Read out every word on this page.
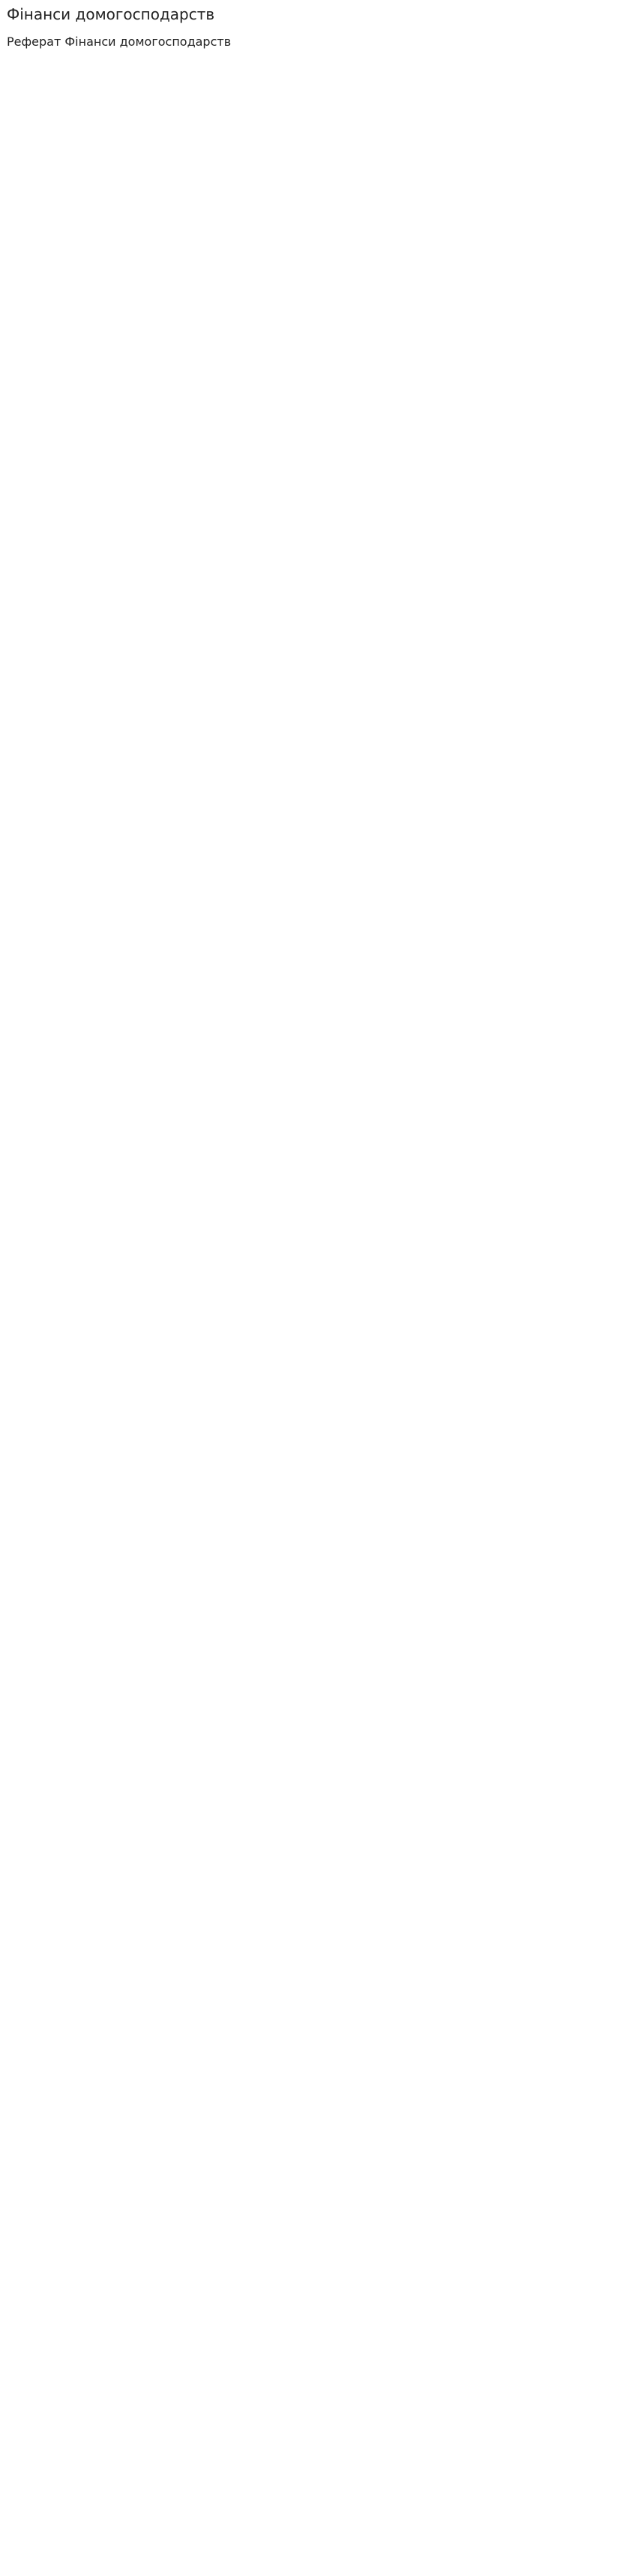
Фінанси домогосподарств
Реферат Фінанси домогосподарств
